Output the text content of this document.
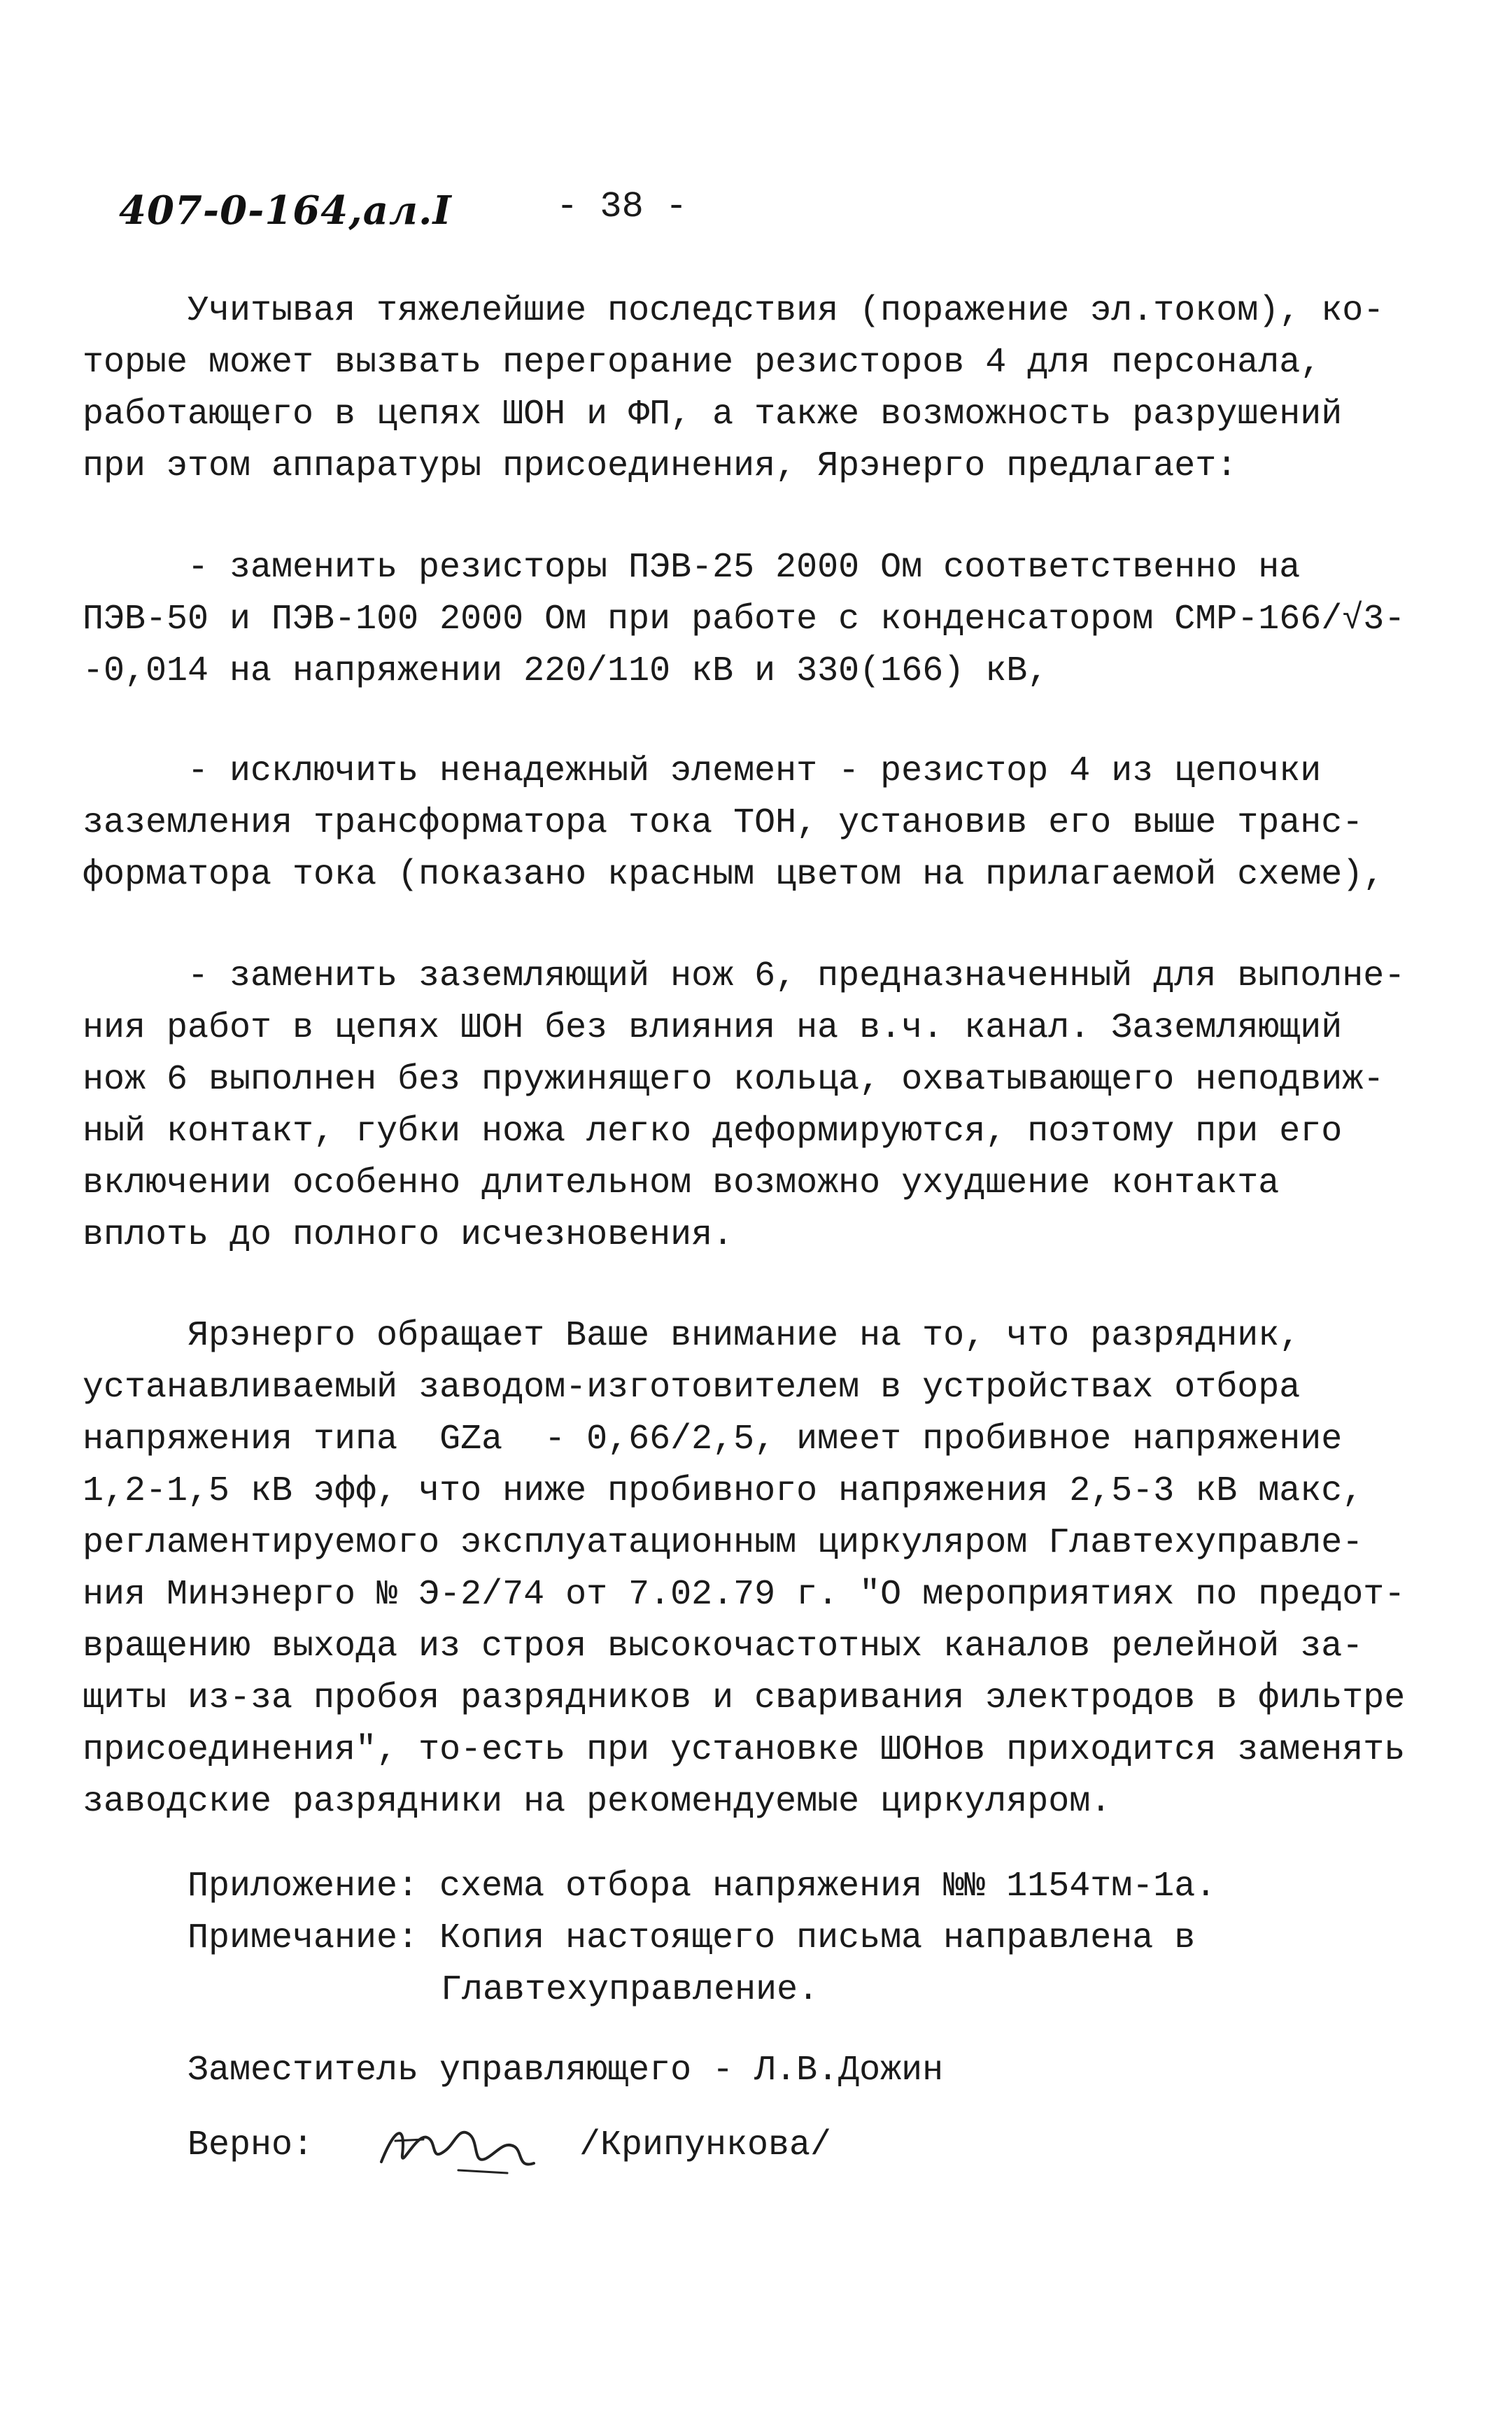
407-0-164,ал.I	- 38 -
Учитывая тяжелейшие последствия (поражение эл.током), ко-
торые может вызвать перегорание резисторов 4 для персонала,
работающего в цепях ШОН и ФП, а также возможность разрушений
при этом аппаратуры присоединения, Ярэнерго предлагает:
- заменить резисторы ПЭВ-25 2000 Ом соответственно на
ПЭВ-50 и ПЭВ-100 2000 Ом при работе с конденсатором СМР-166/√3-
-0,014 на напряжении 220/110 кВ и 330(166) кВ,
- исключить ненадежный элемент - резистор 4 из цепочки
заземления трансформатора тока ТОН, установив его выше транс-
форматора тока (показано красным цветом на прилагаемой схеме),
- заменить заземляющий нож 6, предназначенный для выполне-
ния работ в цепях ШОН без влияния на в.ч. канал. Заземляющий
нож 6 выполнен без пружинящего кольца, охватывающего неподвиж-
ный контакт, губки ножа легко деформируются, поэтому при его
включении особенно длительном возможно ухудшение контакта
вплоть до полного исчезновения.
Ярэнерго обращает Ваше внимание на то, что разрядник,
устанавливаемый заводом-изготовителем в устройствах отбора
напряжения типа  GZa  - 0,66/2,5, имеет пробивное напряжение
1,2-1,5 кВ эфф, что ниже пробивного напряжения 2,5-3 кВ макс,
регламентируемого эксплуатационным циркуляром Главтехуправле-
ния Минэнерго № Э-2/74 от 7.02.79 г. "О мероприятиях по предот-
вращению выхода из строя высокочастотных каналов релейной за-
щиты из-за пробоя разрядников и сваривания электродов в фильтре
присоединения", то-есть при установке ШОНов приходится заменять
заводские разрядники на рекомендуемые циркуляром.
Приложение: схема отбора напряжения №№ 1154тм-1а.
Примечание: Копия настоящего письма направлена в
Главтехуправление.
Заместитель управляющего - Л.В.Дожин
Верно:	/Крипункова/
